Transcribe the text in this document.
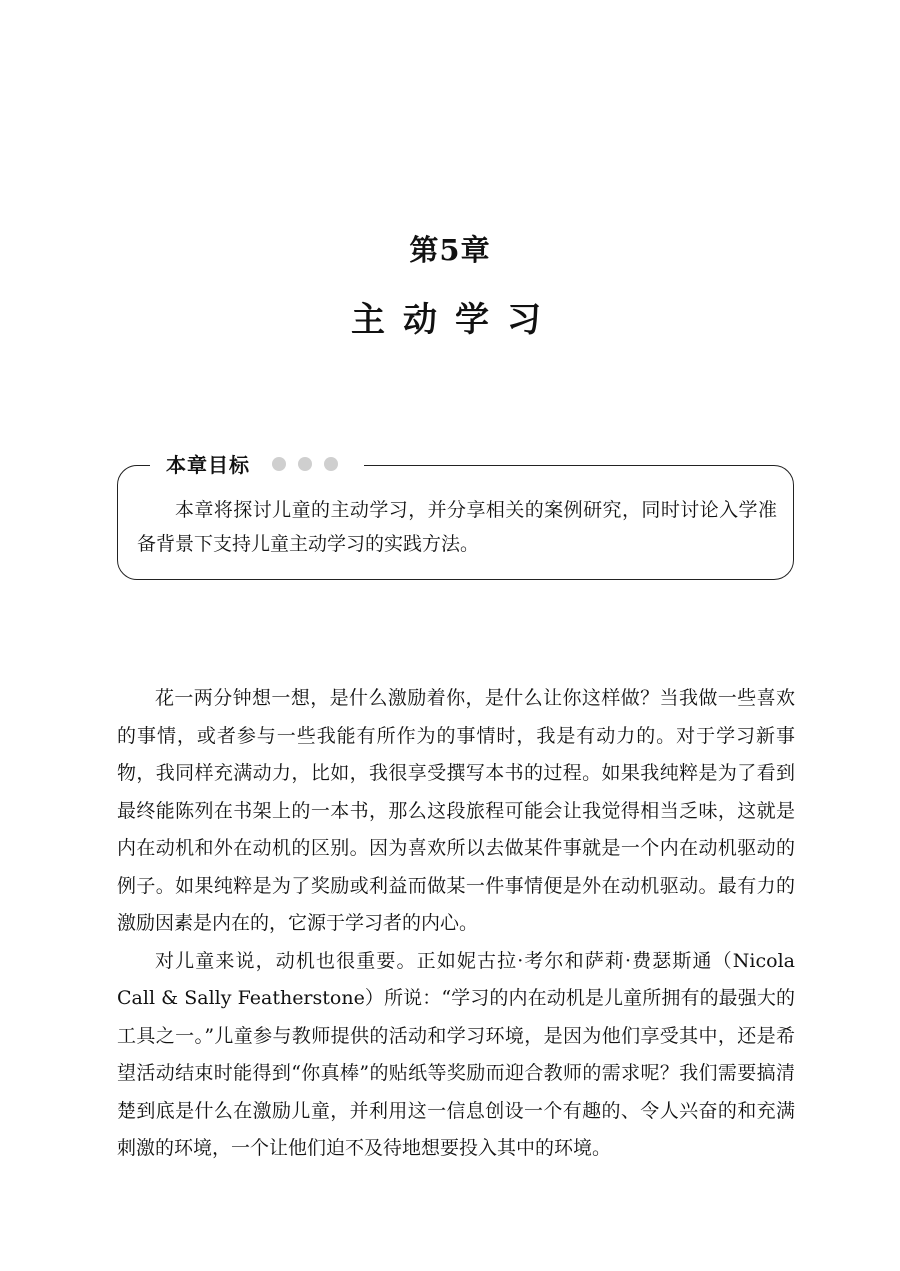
第5章
主动学习
本章目标

本章将探讨儿童的主动学习，并分享相关的案例研究，同时讨论入学准备背景下支持儿童主动学习的实践方法。

花一两分钟想一想，是什么激励着你，是什么让你这样做？当我做一些喜欢的事情，或者参与一些我能有所作为的事情时，我是有动力的。对于学习新事物，我同样充满动力，比如，我很享受撰写本书的过程。如果我纯粹是为了看到最终能陈列在书架上的一本书，那么这段旅程可能会让我觉得相当乏味，这就是内在动机和外在动机的区别。因为喜欢所以去做某件事就是一个内在动机驱动的例子。如果纯粹是为了奖励或利益而做某一件事情便是外在动机驱动。最有力的激励因素是内在的，它源于学习者的内心。

对儿童来说，动机也很重要。正如妮古拉·考尔和萨莉·费瑟斯通（Nicola Call & Sally Featherstone）所说：“学习的内在动机是儿童所拥有的最强大的工具之一。”儿童参与教师提供的活动和学习环境，是因为他们享受其中，还是希望活动结束时能得到“你真棒”的贴纸等奖励而迎合教师的需求呢？我们需要搞清楚到底是什么在激励儿童，并利用这一信息创设一个有趣的、令人兴奋的和充满刺激的环境，一个让他们迫不及待地想要投入其中的环境。
